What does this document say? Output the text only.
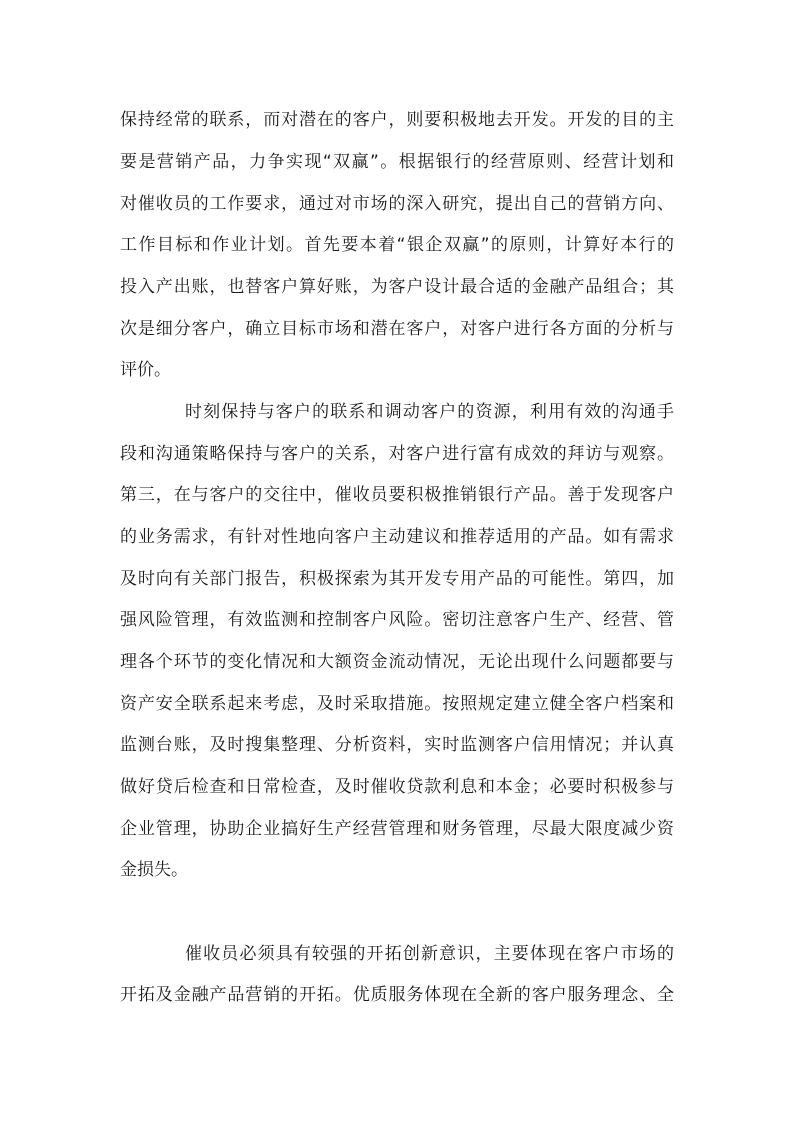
保持经常的联系，而对潜在的客户，则要积极地去开发。开发的目的主
要是营销产品，力争实现“双赢”。根据银行的经营原则、经营计划和
对催收员的工作要求，通过对市场的深入研究，提出自己的营销方向、
工作目标和作业计划。首先要本着“银企双赢”的原则，计算好本行的
投入产出账，也替客户算好账，为客户设计最合适的金融产品组合；其
次是细分客户，确立目标市场和潜在客户，对客户进行各方面的分析与
评价。
时刻保持与客户的联系和调动客户的资源，利用有效的沟通手
段和沟通策略保持与客户的关系，对客户进行富有成效的拜访与观察。
第三，在与客户的交往中，催收员要积极推销银行产品。善于发现客户
的业务需求，有针对性地向客户主动建议和推荐适用的产品。如有需求
及时向有关部门报告，积极探索为其开发专用产品的可能性。第四，加
强风险管理，有效监测和控制客户风险。密切注意客户生产、经营、管
理各个环节的变化情况和大额资金流动情况，无论出现什么问题都要与
资产安全联系起来考虑，及时采取措施。按照规定建立健全客户档案和
监测台账，及时搜集整理、分析资料，实时监测客户信用情况；并认真
做好贷后检查和日常检查，及时催收贷款利息和本金；必要时积极参与
企业管理，协助企业搞好生产经营管理和财务管理，尽最大限度减少资
金损失。
催收员必须具有较强的开拓创新意识，主要体现在客户市场的
开拓及金融产品营销的开拓。优质服务体现在全新的客户服务理念、全
